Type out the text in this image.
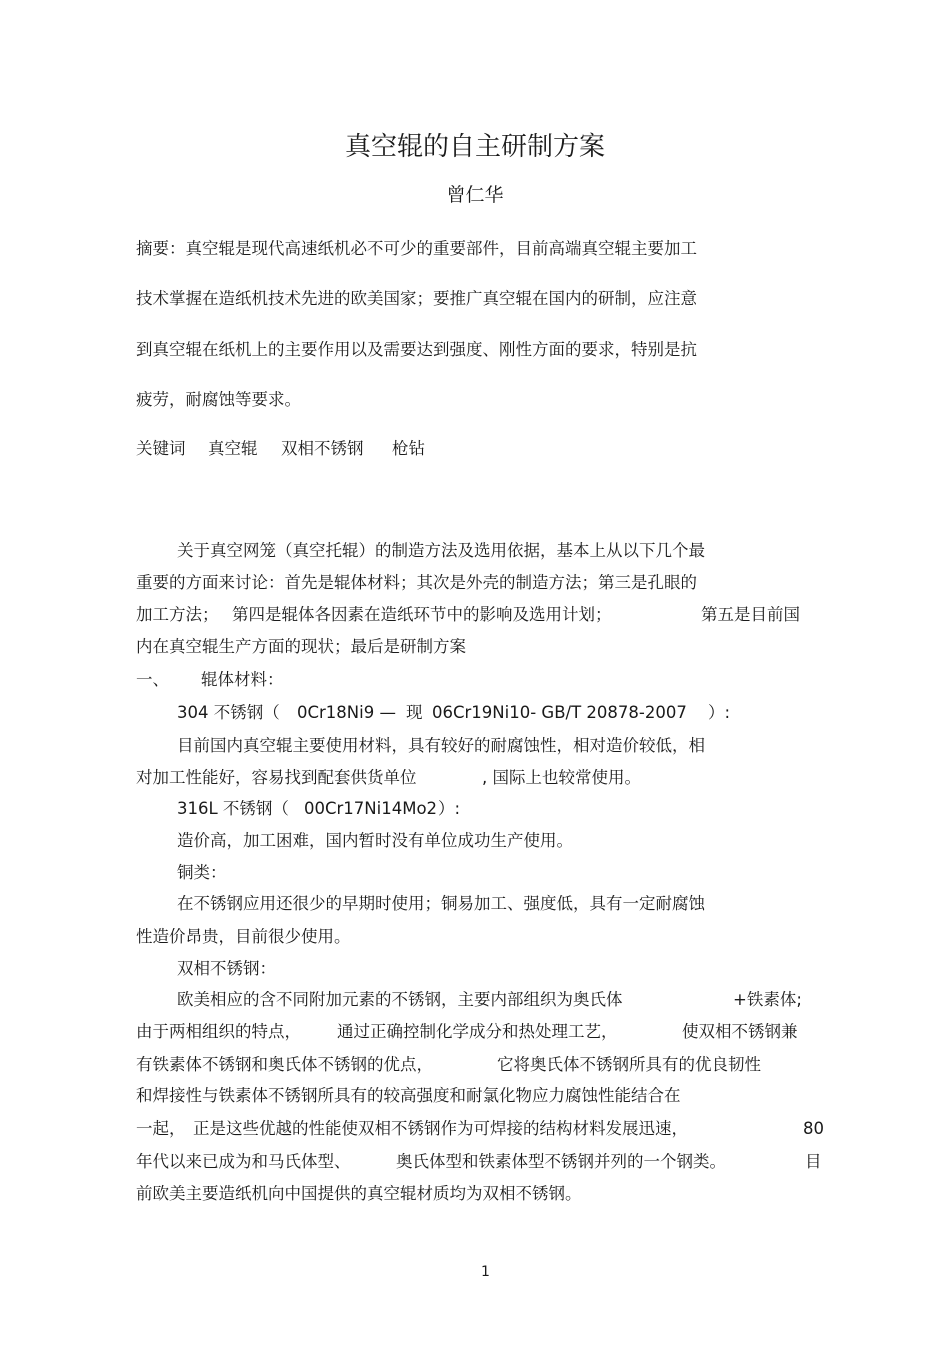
真空辊的自主研制方案
曾仁华
摘要：真空辊是现代高速纸机必不可少的重要部件，目前高端真空辊主要加工
技术掌握在造纸机技术先进的欧美国家；要推广真空辊在国内的研制，应注意
到真空辊在纸机上的主要作用以及需要达到强度、刚性方面的要求，特别是抗
疲劳，耐腐蚀等要求。
关键词 真空辊 双相不锈钢 枪钻
关于真空网笼（真空托辊）的制造方法及选用依据，基本上从以下几个最
重要的方面来讨论：首先是辊体材料；其次是外壳的制造方法；第三是孔眼的
加工方法； 第四是辊体各因素在造纸环节中的影响及选用计划；	第五是目前国
内在真空辊生产方面的现状；最后是研制方案
一、 辊体材料：
304 不锈钢（ 0Cr18Ni9 — 现 06Cr19Ni10- GB/T 20878-2007 ）:
目前国内真空辊主要使用材料，具有较好的耐腐蚀性，相对造价较低，相
对加工性能好，容易找到配套供货单位	, 国际上也较常使用。
316L 不锈钢（ 00Cr17Ni14Mo2 ）:
造价高，加工困难，国内暂时没有单位成功生产使用。
铜类：
在不锈钢应用还很少的早期时使用；铜易加工、强度低，具有一定耐腐蚀
性造价昂贵，目前很少使用。
双相不锈钢：
欧美相应的含不同附加元素的不锈钢，主要内部组织为奥氏体	+铁素体;
由于两相组织的特点， 通过正确控制化学成分和热处理工艺，	使双相不锈钢兼
有铁素体不锈钢和奥氏体不锈钢的优点，	它将奥氏体不锈钢所具有的优良韧性
和焊接性与铁素体不锈钢所具有的较高强度和耐氯化物应力腐蚀性能结合在
一起， 正是这些优越的性能使双相不锈钢作为可焊接的结构材料发展迅速，	80
年代以来已成为和马氏体型、	奥氏体型和铁素体型不锈钢并列的一个钢类。	目
前欧美主要造纸机向中国提供的真空辊材质均为双相不锈钢。
1
